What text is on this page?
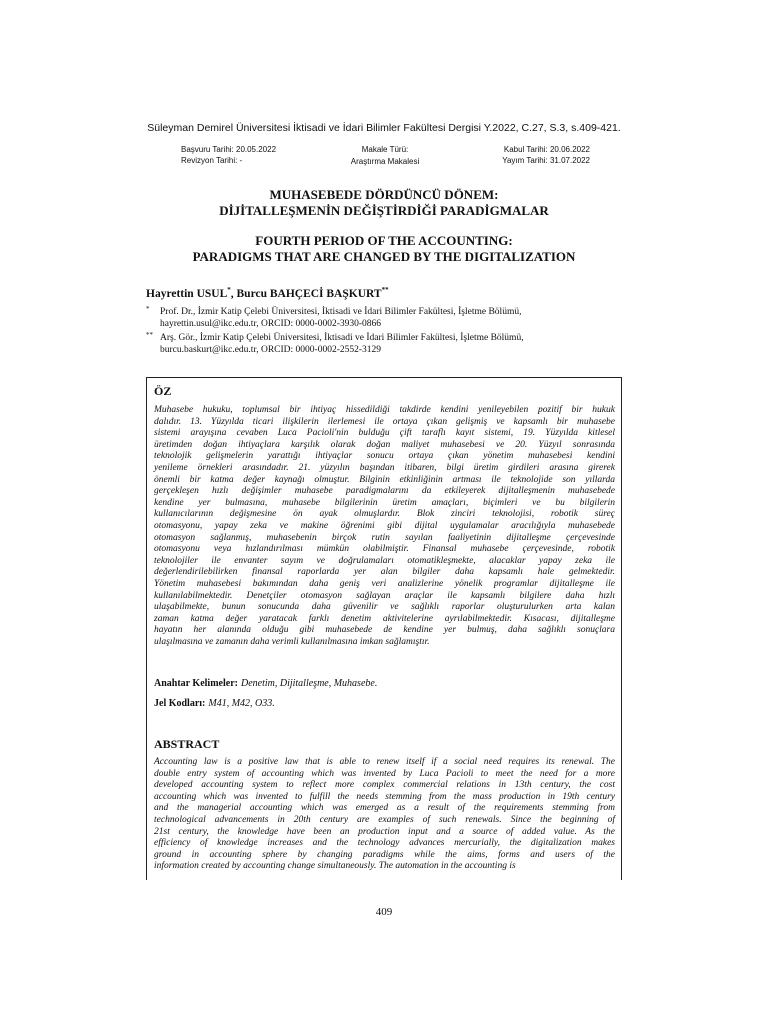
Süleyman Demirel Üniversitesi İktisadi ve İdari Bilimler Fakültesi Dergisi Y.2022, C.27, S.3, s.409-421.
Başvuru Tarihi: 20.05.2022
Revizyon Tarihi: -
Makale Türü:
Araştırma Makalesi
Kabul Tarihi: 20.06.2022
Yayım Tarihi: 31.07.2022
MUHASEBEDE DÖRDÜNCÜ DÖNEM:
DİJİTALLEŞMENİN DEĞİŞTİRDİĞİ PARADİGMALAR
FOURTH PERIOD OF THE ACCOUNTING:
PARADIGMS THAT ARE CHANGED BY THE DIGITALIZATION
Hayrettin USUL*, Burcu BAHÇECİ BAŞKURT**
* Prof. Dr., İzmir Katip Çelebi Üniversitesi, İktisadi ve İdari Bilimler Fakültesi, İşletme Bölümü,
hayrettin.usul@ikc.edu.tr, ORCID: 0000-0002-3930-0866
** Arş. Gör., İzmir Katip Çelebi Üniversitesi, İktisadi ve İdari Bilimler Fakültesi, İşletme Bölümü,
burcu.baskurt@ikc.edu.tr, ORCID: 0000-0002-2552-3129
ÖZ
Muhasebe hukuku, toplumsal bir ihtiyaç hissedildiği takdirde kendini yenileyebilen pozitif bir hukuk
dalıdır. 13. Yüzyılda ticari ilişkilerin ilerlemesi ile ortaya çıkan gelişmiş ve kapsamlı bir muhasebe
sistemi arayışına cevaben Luca Pacioli'nin bulduğu çift taraflı kayıt sistemi, 19. Yüzyılda kitlesel
üretimden doğan ihtiyaçlara karşılık olarak doğan maliyet muhasebesi ve 20. Yüzyıl sonrasında
teknolojik gelişmelerin yarattığı ihtiyaçlar sonucu ortaya çıkan yönetim muhasebesi kendini
yenileme örnekleri arasındadır. 21. yüzyılın başından itibaren, bilgi üretim girdileri arasına girerek
önemli bir katma değer kaynağı olmuştur. Bilginin etkinliğinin artması ile teknolojide son yıllarda
gerçekleşen hızlı değişimler muhasebe paradigmalarını da etkileyerek dijitalleşmenin muhasebede
kendine yer bulmasına, muhasebe bilgilerinin üretim amaçları, biçimleri ve bu bilgilerin
kullanıcılarının değişmesine ön ayak olmuşlardır. Blok zinciri teknolojisi, robotik süreç
otomasyonu, yapay zeka ve makine öğrenimi gibi dijital uygulamalar aracılığıyla muhasebede
otomasyon sağlanmış, muhasebenin birçok rutin sayılan faaliyetinin dijitalleşme çerçevesinde
otomasyonu veya hızlandırılması mümkün olabilmiştir. Finansal muhasebe çerçevesinde, robotik
teknolojiler ile envanter sayım ve doğrulamaları otomatikleşmekte, alacaklar yapay zeka ile
değerlendirilebilirken finansal raporlarda yer alan bilgiler daha kapsamlı hale gelmektedir.
Yönetim muhasebesi bakımından daha geniş veri analizlerine yönelik programlar dijitalleşme ile
kullanılabilmektedir. Denetçiler otomasyon sağlayan araçlar ile kapsamlı bilgilere daha hızlı
ulaşabilmekte, bunun sonucunda daha güvenilir ve sağlıklı raporlar oluşturulurken arta kalan
zaman katma değer yaratacak farklı denetim aktivitelerine ayrılabilmektedir. Kısacası, dijitalleşme
hayatın her alanında olduğu gibi muhasebede de kendine yer bulmuş, daha sağlıklı sonuçlara
ulaşılmasına ve zamanın daha verimli kullanılmasına imkan sağlamıştır.
Anahtar Kelimeler: Denetim, Dijitalleşme, Muhasebe.
Jel Kodları: M41, M42, O33.
ABSTRACT
Accounting law is a positive law that is able to renew itself if a social need requires its renewal. The
double entry system of accounting which was invented by Luca Pacioli to meet the need for a more
developed accounting system to reflect more complex commercial relations in 13th century, the cost
accounting which was invented to fulfill the needs stemming from the mass production in 19th century
and the managerial accounting which was emerged as a result of the requirements stemming from
technological advancements in 20th century are examples of such renewals. Since the beginning of
21st century, the knowledge have been an production input and a source of added value. As the
efficiency of knowledge increases and the technology advances mercurially, the digitalization makes
ground in accounting sphere by changing paradigms while the aims, forms and users of the
information created by accounting change simultaneously. The automation in the accounting is
409
